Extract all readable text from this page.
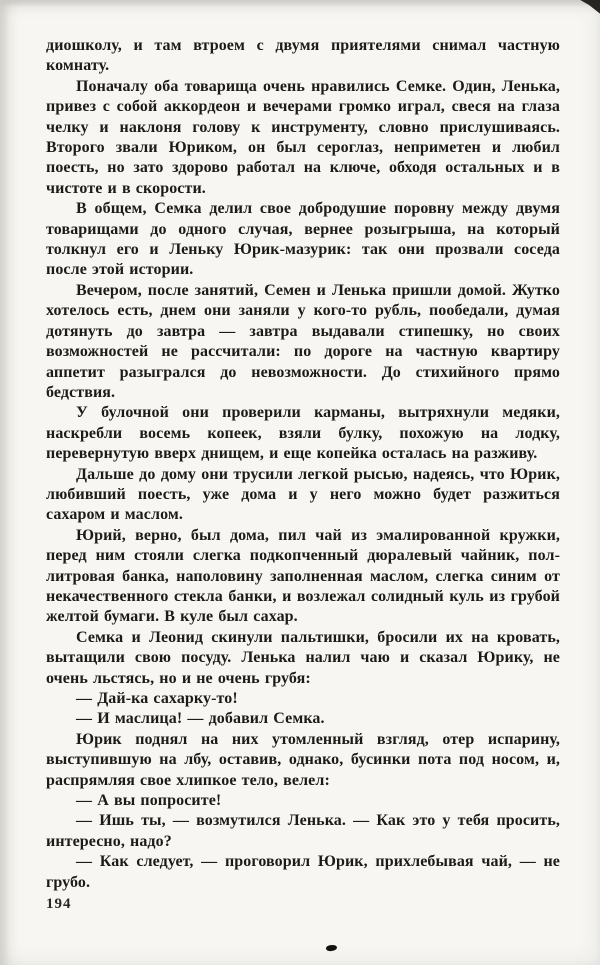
диошколу, и там втроем с двумя приятелями снимал частную комнату.

Поначалу оба товарища очень нравились Семке. Один, Ленька, привез с собой аккордеон и вечерами громко играл, свеся на глаза челку и наклоня голову к инструменту, словно прислушиваясь. Второго звали Юриком, он был сероглаз, неприметен и любил поесть, но зато здорово работал на ключе, обходя остальных и в чистоте и в скорости.

В общем, Семка делил свое добродушие поровну между двумя товарищами до одного случая, вернее розыгрыша, на который толкнул его и Леньку Юрик-мазурик: так они прозвали соседа после этой истории.

Вечером, после занятий, Семен и Ленька пришли домой. Жутко хотелось есть, днем они заняли у кого-то рубль, пообедали, думая дотянуть до завтра — завтра выдавали стипешку, но своих возможностей не рассчитали: по дороге на частную квартиру аппетит разыгрался до невозможности. До стихийного прямо бедствия.

У булочной они проверили карманы, вытряхнули медяки, наскребли восемь копеек, взяли булку, похожую на лодку, перевернутую вверх днищем, и еще копейка осталась на разживу.

Дальше до дому они трусили легкой рысью, надеясь, что Юрик, любивший поесть, уже дома и у него можно будет разжиться сахаром и маслом.

Юрий, верно, был дома, пил чай из эмалированной кружки, перед ним стояли слегка подкопченный дюралевый чайник, пол-литровая банка, наполовину заполненная маслом, слегка синим от некачественного стекла банки, и возлежал солидный куль из грубой желтой бумаги. В куле был сахар.

Семка и Леонид скинули пальтишки, бросили их на кровать, вытащили свою посуду. Ленька налил чаю и сказал Юрику, не очень льстясь, но и не очень грубя:

— Дай-ка сахарку-то!

— И маслица! — добавил Семка.

Юрик поднял на них утомленный взгляд, отер испарину, выступившую на лбу, оставив, однако, бусинки пота под носом, и, распрямляя свое хлипкое тело, велел:

— А вы попросите!

— Ишь ты, — возмутился Ленька. — Как это у тебя просить, интересно, надо?

— Как следует, — проговорил Юрик, прихлебывая чай, — не грубо.

194
